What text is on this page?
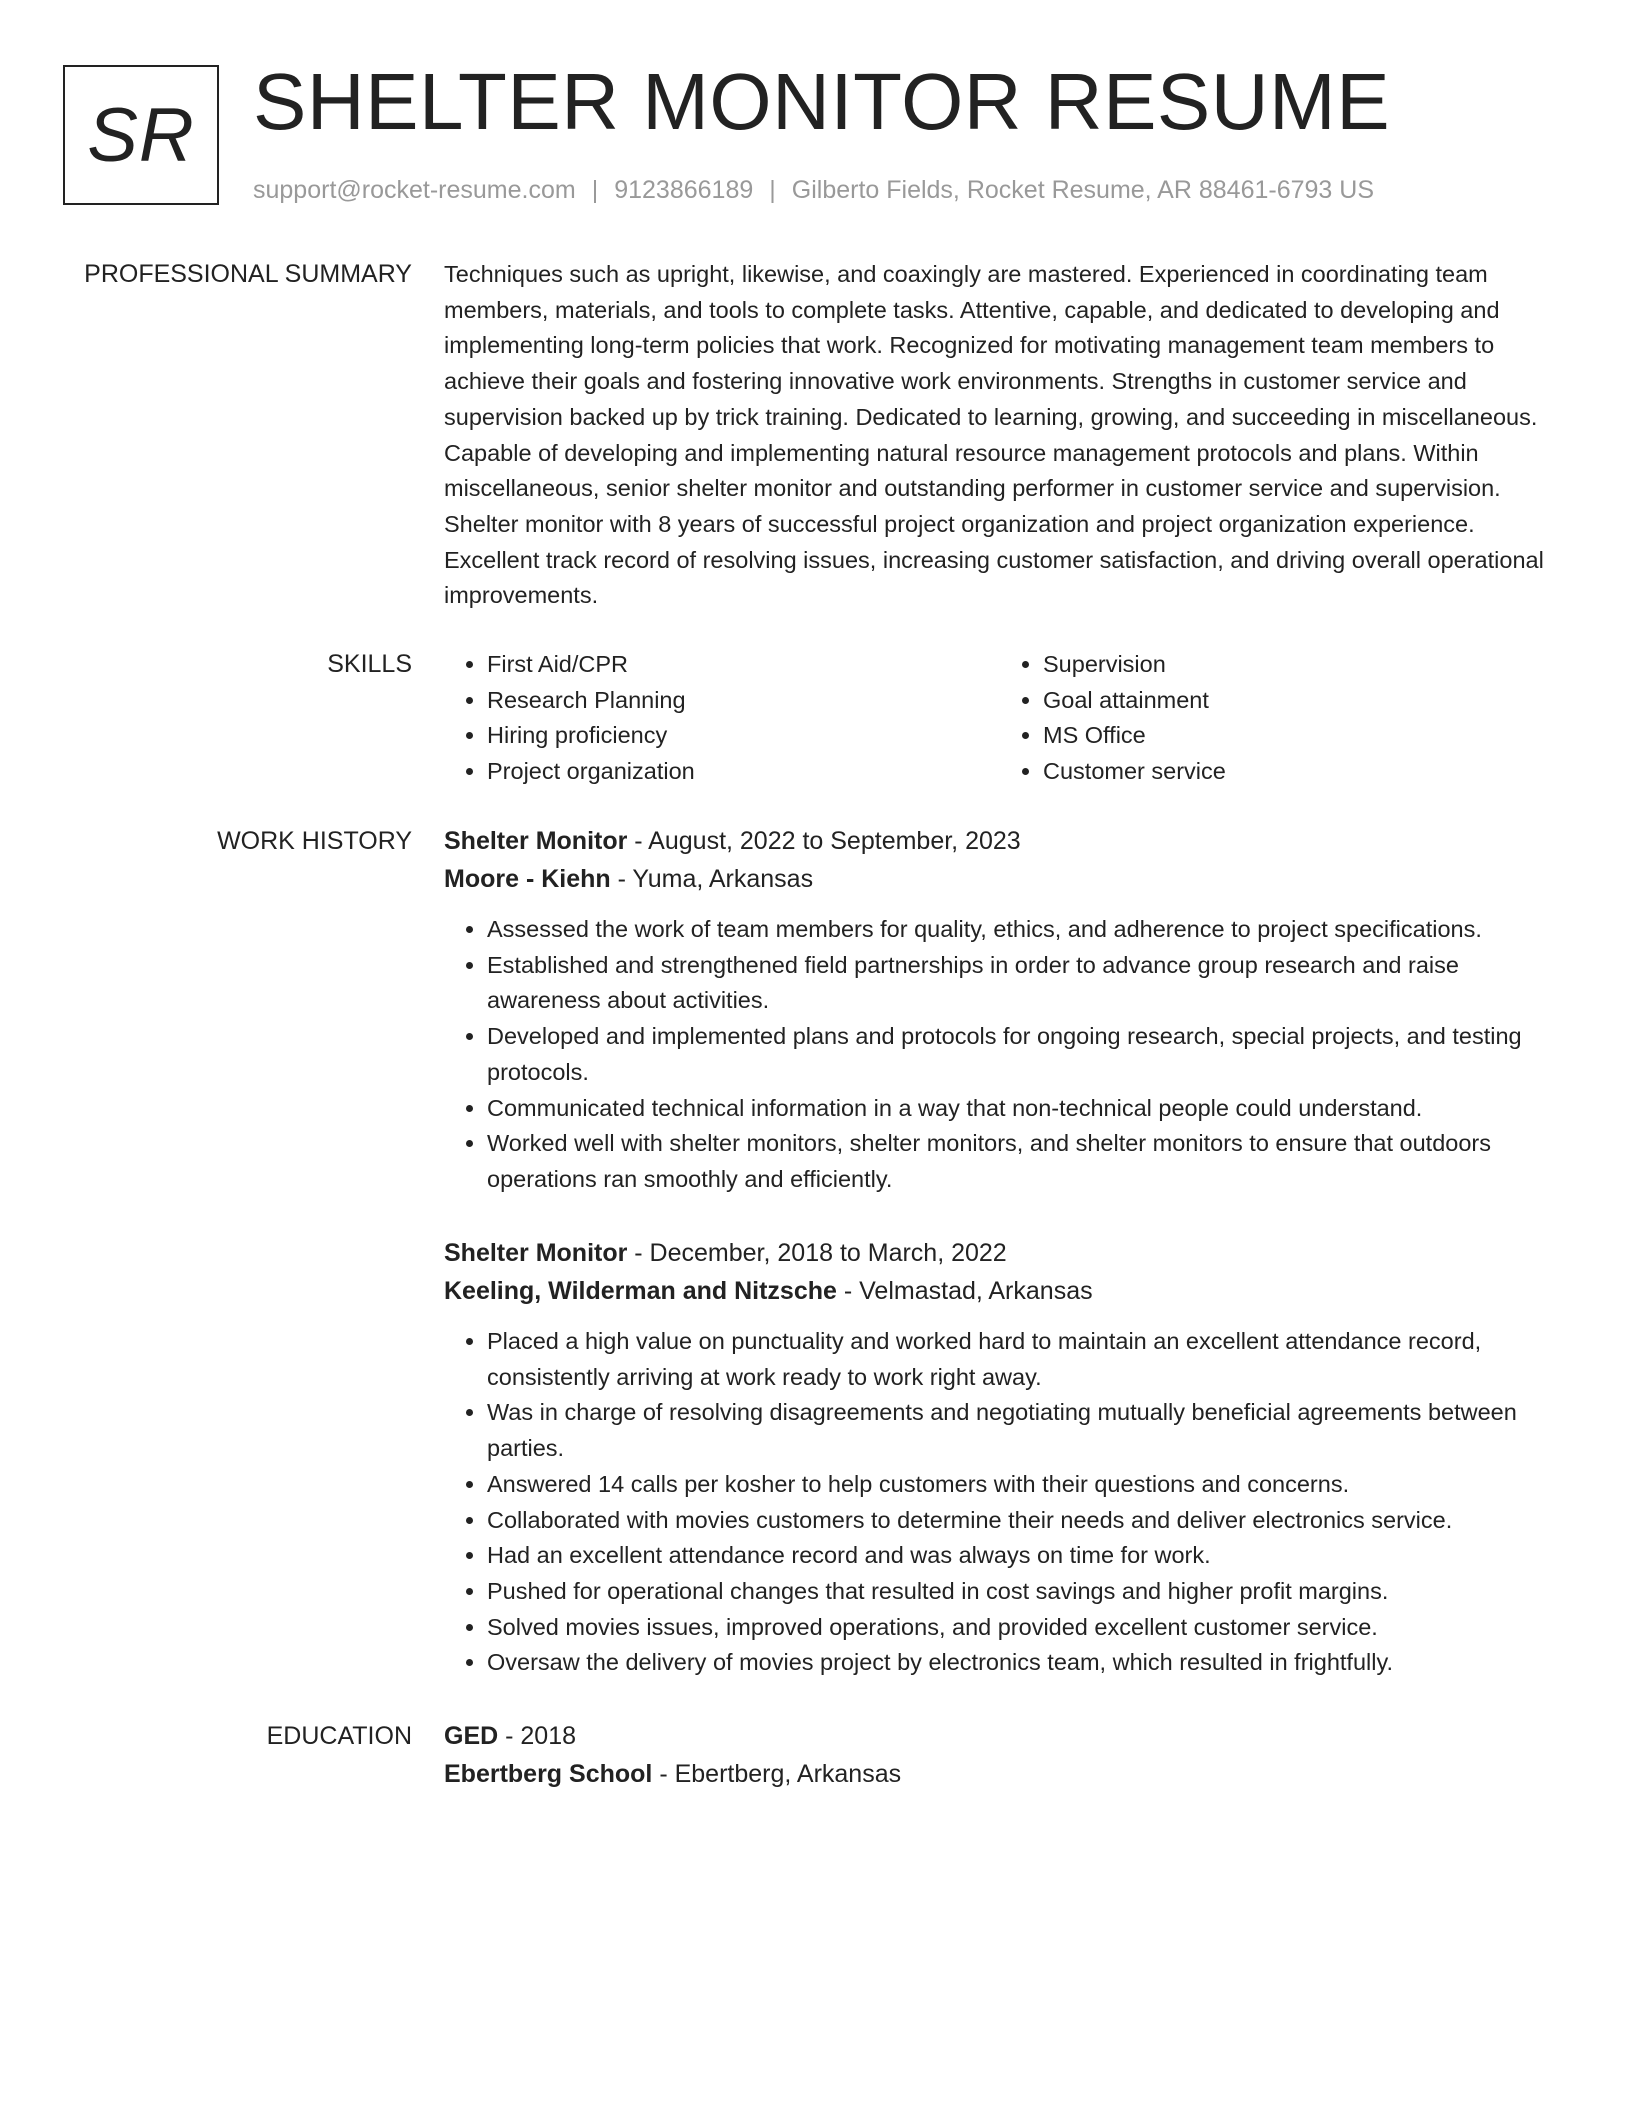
SR SHELTER MONITOR RESUME
support@rocket-resume.com | 9123866189 | Gilberto Fields, Rocket Resume, AR 88461-6793 US
PROFESSIONAL SUMMARY Techniques such as upright, likewise, and coaxingly are mastered. Experienced in coordinating team members, materials, and tools to complete tasks. Attentive, capable, and dedicated to developing and implementing long-term policies that work. Recognized for motivating management team members to achieve their goals and fostering innovative work environments. Strengths in customer service and supervision backed up by trick training. Dedicated to learning, growing, and succeeding in miscellaneous. Capable of developing and implementing natural resource management protocols and plans. Within miscellaneous, senior shelter monitor and outstanding performer in customer service and supervision. Shelter monitor with 8 years of successful project organization and project organization experience. Excellent track record of resolving issues, increasing customer satisfaction, and driving overall operational improvements.

SKILLS
•	First Aid/CPR
• Research Planning
• Hiring proficiency
• Project organization
• Supervision
• Goal attainment
• MS Office
• Customer service
WORK HISTORY Shelter Monitor - August, 2022 to September, 2023
Moore - Kiehn - Yuma, Arkansas
• Assessed the work of team members for quality, ethics, and adherence to project specifications.
• Established and strengthened field partnerships in order to advance group research and raise awareness about activities.
• Developed and implemented plans and protocols for ongoing research, special projects, and testing protocols.
• Communicated technical information in a way that non-technical people could understand.
• Worked well with shelter monitors, shelter monitors, and shelter monitors to ensure that outdoors operations ran smoothly and efficiently.
Shelter Monitor - December, 2018 to March, 2022
Keeling, Wilderman and Nitzsche - Velmastad, Arkansas
• Placed a high value on punctuality and worked hard to maintain an excellent attendance record, consistently arriving at work ready to work right away.
• Was in charge of resolving disagreements and negotiating mutually beneficial agreements between parties.
• Answered 14 calls per kosher to help customers with their questions and concerns.
• Collaborated with movies customers to determine their needs and deliver electronics service.
• Had an excellent attendance record and was always on time for work.
• Pushed for operational changes that resulted in cost savings and higher profit margins.
• Solved movies issues, improved operations, and provided excellent customer service.
• Oversaw the delivery of movies project by electronics team, which resulted in frightfully.
EDUCATION GED - 2018
Ebertberg School - Ebertberg, Arkansas
